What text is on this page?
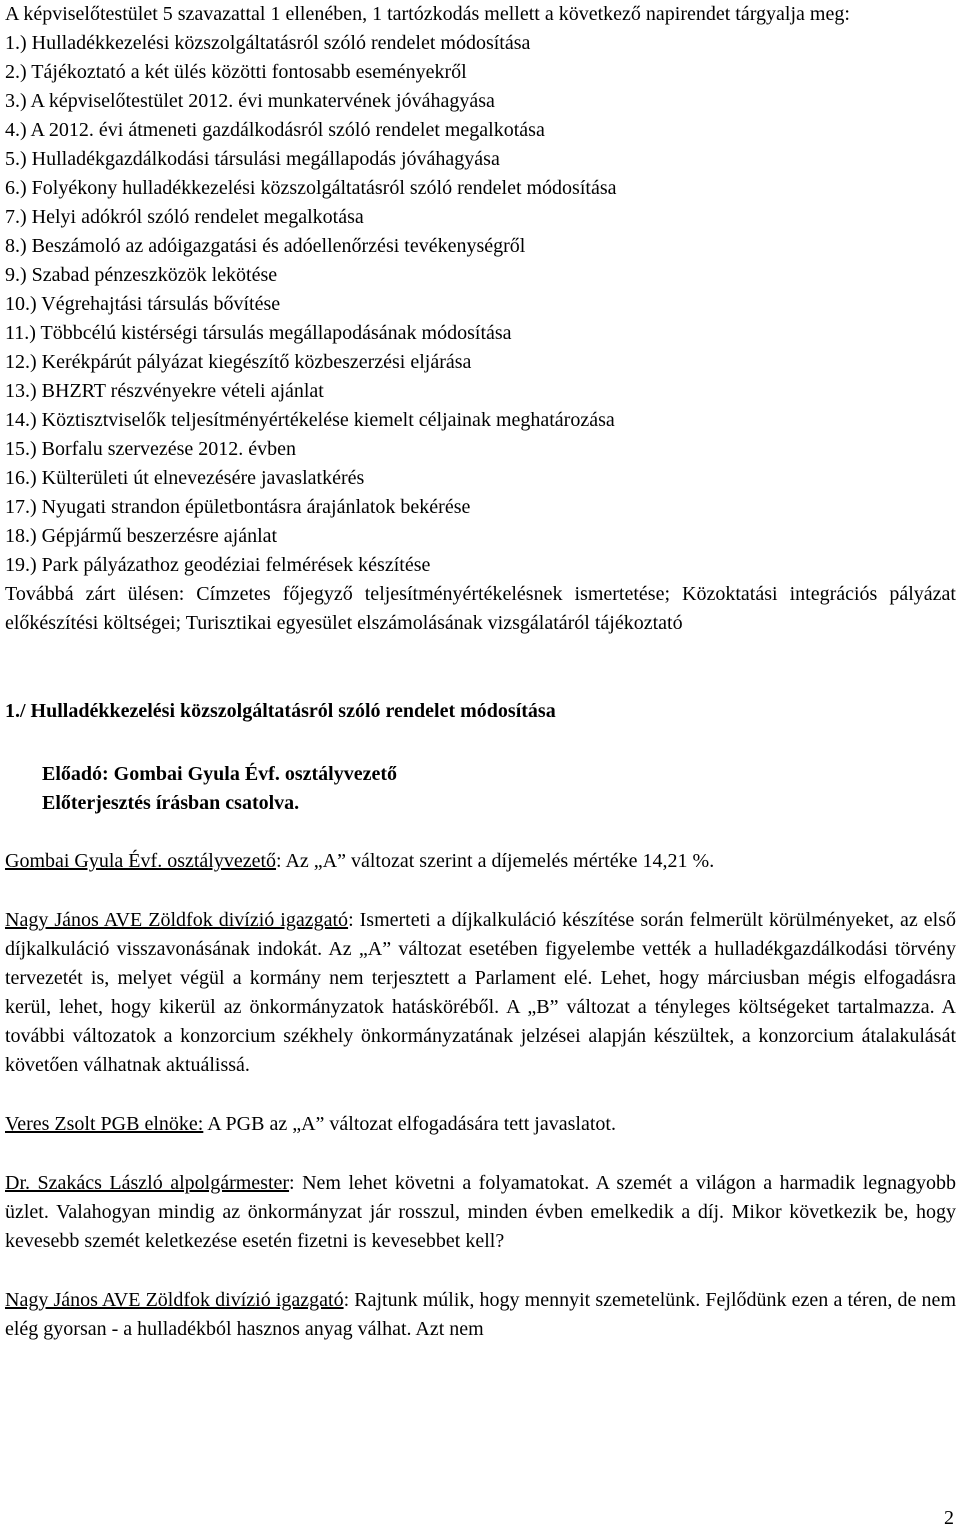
A képviselőtestület 5 szavazattal 1 ellenében, 1 tartózkodás mellett a következő napirendet tárgyalja meg:

1.) Hulladékkezelési közszolgáltatásról szóló rendelet módosítása
2.) Tájékoztató a két ülés közötti fontosabb eseményekről
3.) A képviselőtestület 2012. évi munkatervének jóváhagyása
4.) A 2012. évi átmeneti gazdálkodásról szóló rendelet megalkotása
5.) Hulladékgazdálkodási társulási megállapodás jóváhagyása
6.) Folyékony hulladékkezelési közszolgáltatásról szóló rendelet módosítása
7.) Helyi adókról szóló rendelet megalkotása
8.) Beszámoló az adóigazgatási és adóellenőrzési tevékenységről
9.) Szabad pénzeszközök lekötése
10.) Végrehajtási társulás bővítése
11.) Többcélú kistérségi társulás megállapodásának módosítása
12.) Kerékpárút pályázat kiegészítő közbeszerzési eljárása
13.) BHZRT részvényekre vételi ajánlat
14.) Köztisztviselők teljesítményértékelése kiemelt céljainak meghatározása
15.) Borfalu szervezése 2012. évben
16.) Külterületi út elnevezésére javaslatkérés
17.) Nyugati strandon épületbontásra árajánlatok bekérése
18.) Gépjármű beszerzésre ajánlat
19.) Park pályázathoz geodéziai felmérések készítése

Továbbá zárt ülésen: Címzetes főjegyző teljesítményértékelésnek ismertetése; Közoktatási integrációs pályázat előkészítési költségei; Turisztikai egyesület elszámolásának vizsgálatáról tájékoztató

1./ Hulladékkezelési közszolgáltatásról szóló rendelet módosítása
Előadó: Gombai Gyula Évf. osztályvezető
Előterjesztés írásban csatolva.

Gombai Gyula Évf. osztályvezető: Az „A” változat szerint a díjemelés mértéke 14,21 %.

Nagy János AVE Zöldfok divízió igazgató: Ismerteti a díjkalkuláció készítése során felmerült körülményeket, az első díjkalkuláció visszavonásának indokát. Az „A” változat esetében figyelembe vették a hulladékgazdálkodási törvény tervezetét is, melyet végül a kormány nem terjesztett a Parlament elé. Lehet, hogy márciusban mégis elfogadásra kerül, lehet, hogy kikerül az önkormányzatok hatásköréből. A „B” változat a tényleges költségeket tartalmazza. A további változatok a konzorcium székhely önkormányzatának jelzései alapján készültek, a konzorcium átalakulását követően válhatnak aktuálissá.

Veres Zsolt PGB elnöke: A PGB az „A” változat elfogadására tett javaslatot.

Dr. Szakács László alpolgármester: Nem lehet követni a folyamatokat. A szemét a világon a harmadik legnagyobb üzlet. Valahogyan mindig az önkormányzat jár rosszul, minden évben emelkedik a díj. Mikor következik be, hogy kevesebb szemét keletkezése esetén fizetni is kevesebbet kell?

Nagy János AVE Zöldfok divízió igazgató: Rajtunk múlik, hogy mennyit szemetelünk. Fejlődünk ezen a téren, de nem elég gyorsan - a hulladékból hasznos anyag válhat. Azt nem

2
